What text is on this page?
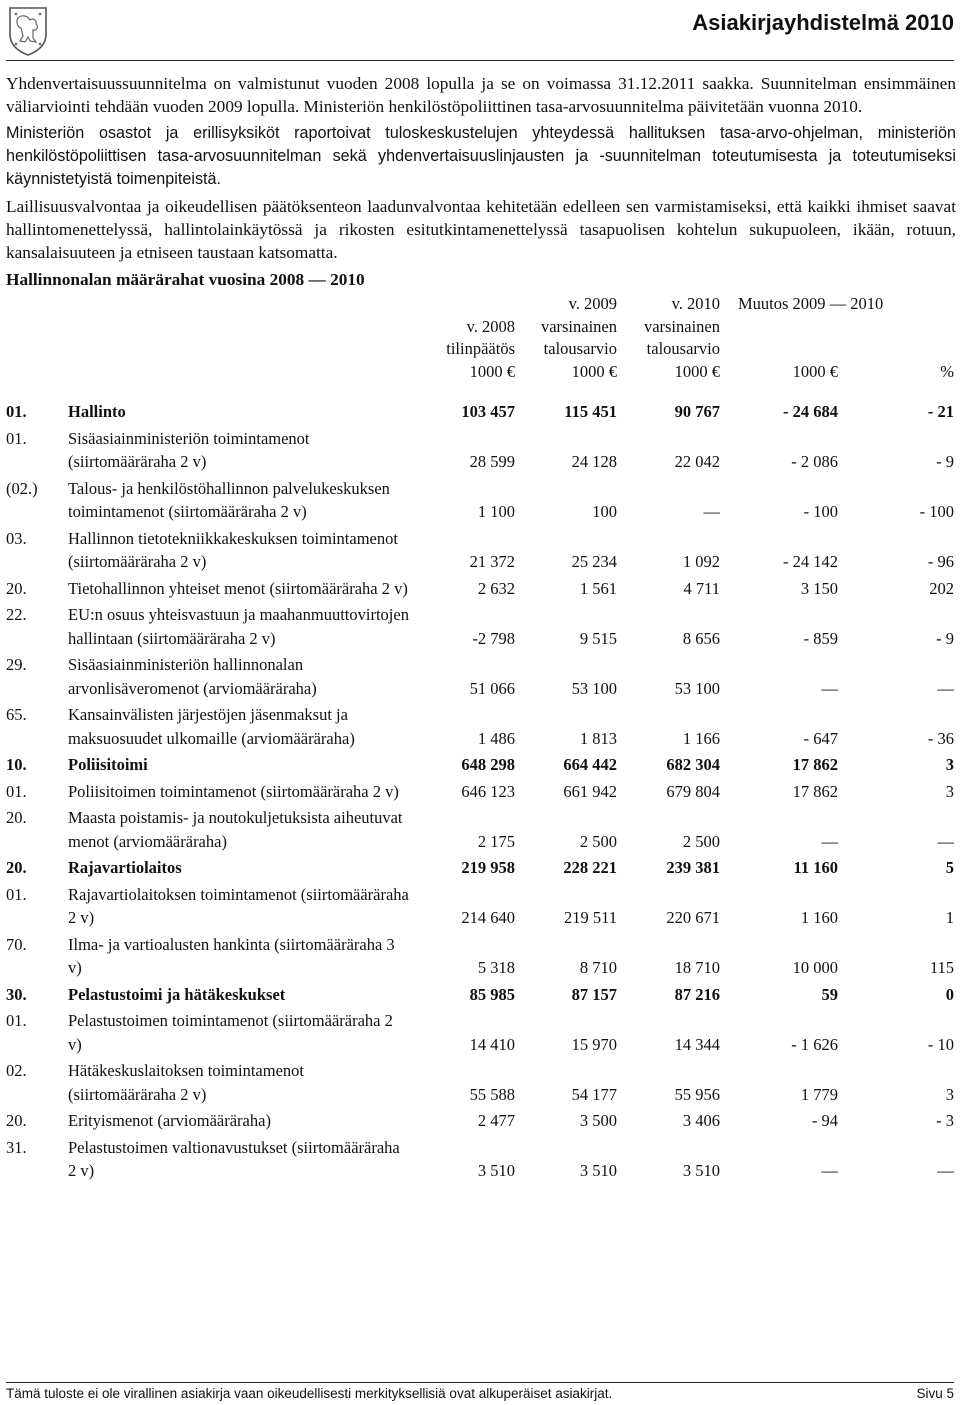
Asiakirjayhdistelmä 2010

Yhdenvertaisuussuunnitelma on valmistunut vuoden 2008 lopulla ja se on voimassa 31.12.2011 saakka. Suunnitelman ensimmäinen väliarviointi tehdään vuoden 2009 lopulla. Ministeriön henkilöstöpoliittinen tasa-arvosuunnitelma päivitetään vuonna 2010.

Ministeriön osastot ja erillisyksiköt raportoivat tuloskeskustelujen yhteydessä hallituksen tasa-arvo-ohjelman, ministeriön henkilöstöpoliittisen tasa-arvosuunnitelman sekä yhdenvertaisuuslinjausten ja -suunnitelman toteutumisesta ja toteutumiseksi käynnistetyistä toimenpiteistä.

Laillisuusvalvontaa ja oikeudellisen päätöksenteon laadunvalvontaa kehitetään edelleen sen varmistamiseksi, että kaikki ihmiset saavat hallintomenettelyssä, hallintolainkäytössä ja rikosten esitutkintamenettelyssä tasapuolisen kohtelun sukupuoleen, ikään, rotuun, kansalaisuuteen ja etniseen taustaan katsomatta.

Hallinnonalan määrärahat vuosina 2008 — 2010
			v. 2009	v. 2010	Muutos 2009 — 2010	
		v. 2008	varsinainen	varsinainen		
		tilinpäätös	talousarvio	talousarvio		
		1000 €	1000 €	1000 €	1000 €	%

01.	Hallinto	103 457	115 451	90 767	- 24 684	- 21
01.	Sisäasiainministeriön toimintamenot (siirtomääräraha 2 v)	28 599	24 128	22 042	- 2 086	- 9
(02.)	Talous- ja henkilöstöhallinnon palvelukeskuksen toimintamenot (siirtomääräraha 2 v)	1 100	100	—	- 100	- 100
03.	Hallinnon tietotekniikkakeskuksen toimintamenot (siirtomääräraha 2 v)	21 372	25 234	1 092	- 24 142	- 96
20.	Tietohallinnon yhteiset menot (siirtomääräraha 2 v)	2 632	1 561	4 711	3 150	202
22.	EU:n osuus yhteisvastuun ja maahanmuuttovirtojen hallintaan (siirtomääräraha 2 v)	-2 798	9 515	8 656	- 859	- 9
29.	Sisäasiainministeriön hallinnonalan arvonlisäveromenot (arviomääräraha)	51 066	53 100	53 100	—	—
65.	Kansainvälisten järjestöjen jäsenmaksut ja maksuosuudet ulkomaille (arviomääräraha)	1 486	1 813	1 166	- 647	- 36
10.	Poliisitoimi	648 298	664 442	682 304	17 862	3
01.	Poliisitoimen toimintamenot (siirtomääräraha 2 v)	646 123	661 942	679 804	17 862	3
20.	Maasta poistamis- ja noutokuljetuksista aiheutuvat menot (arviomääräraha)	2 175	2 500	2 500	—	—
20.	Rajavartiolaitos	219 958	228 221	239 381	11 160	5
01.	Rajavartiolaitoksen toimintamenot (siirtomääräraha 2 v)	214 640	219 511	220 671	1 160	1
70.	Ilma- ja vartioalusten hankinta (siirtomääräraha 3 v)	5 318	8 710	18 710	10 000	115
30.	Pelastustoimi ja hätäkeskukset	85 985	87 157	87 216	59	0
01.	Pelastustoimen toimintamenot (siirtomääräraha 2 v)	14 410	15 970	14 344	- 1 626	- 10
02.	Hätäkeskuslaitoksen toimintamenot (siirtomääräraha 2 v)	55 588	54 177	55 956	1 779	3
20.	Erityismenot (arviomääräraha)	2 477	3 500	3 406	- 94	- 3
31.	Pelastustoimen valtionavustukset (siirtomääräraha 2 v)	3 510	3 510	3 510	—	—
Tämä tuloste ei ole virallinen asiakirja vaan oikeudellisesti merkityksellisiä ovat alkuperäiset asiakirjat.	Sivu 5
